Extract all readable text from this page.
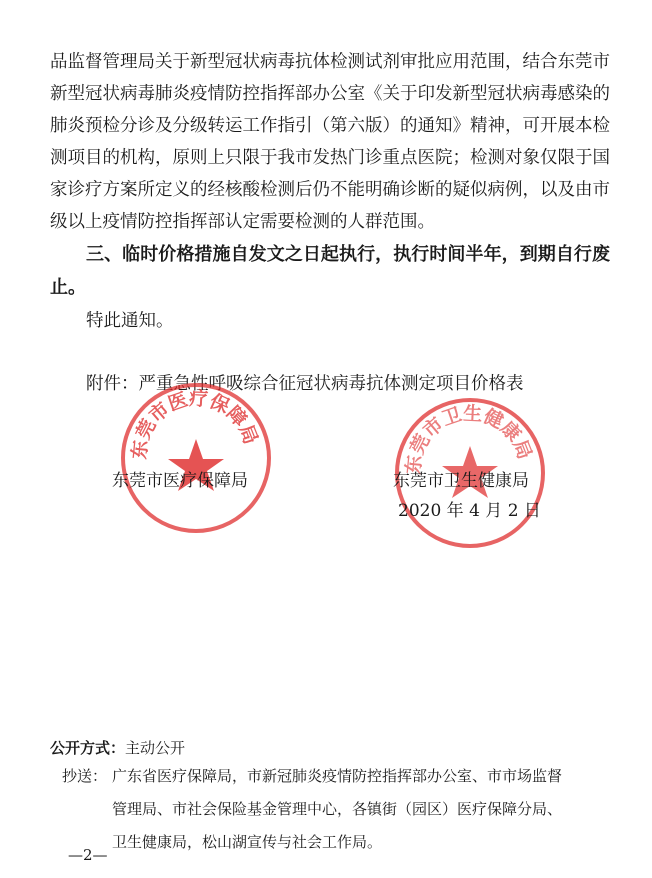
品监督管理局关于新型冠状病毒抗体检测试剂审批应用范围，结合东莞市新型冠状病毒肺炎疫情防控指挥部办公室《关于印发新型冠状病毒感染的肺炎预检分诊及分级转运工作指引（第六版）的通知》精神，可开展本检测项目的机构，原则上只限于我市发热门诊重点医院；检测对象仅限于国家诊疗方案所定义的经核酸检测后仍不能明确诊断的疑似病例，以及由市级以上疫情防控指挥部认定需要检测的人群范围。
三、临时价格措施自发文之日起执行，执行时间半年，到期自行废止。
特此通知。
附件：严重急性呼吸综合征冠状病毒抗体测定项目价格表
东莞市医疗保障局
东莞市卫生健康局
东莞市医疗保障局	东莞市卫生健康局
2020 年 4 月 2 日
公开方式：主动公开
抄送： 广东省医疗保障局，市新冠肺炎疫情防控指挥部办公室、市市场监督
管理局、市社会保险基金管理中心，各镇街（园区）医疗保障分局、
卫生健康局，松山湖宣传与社会工作局。
—2—
